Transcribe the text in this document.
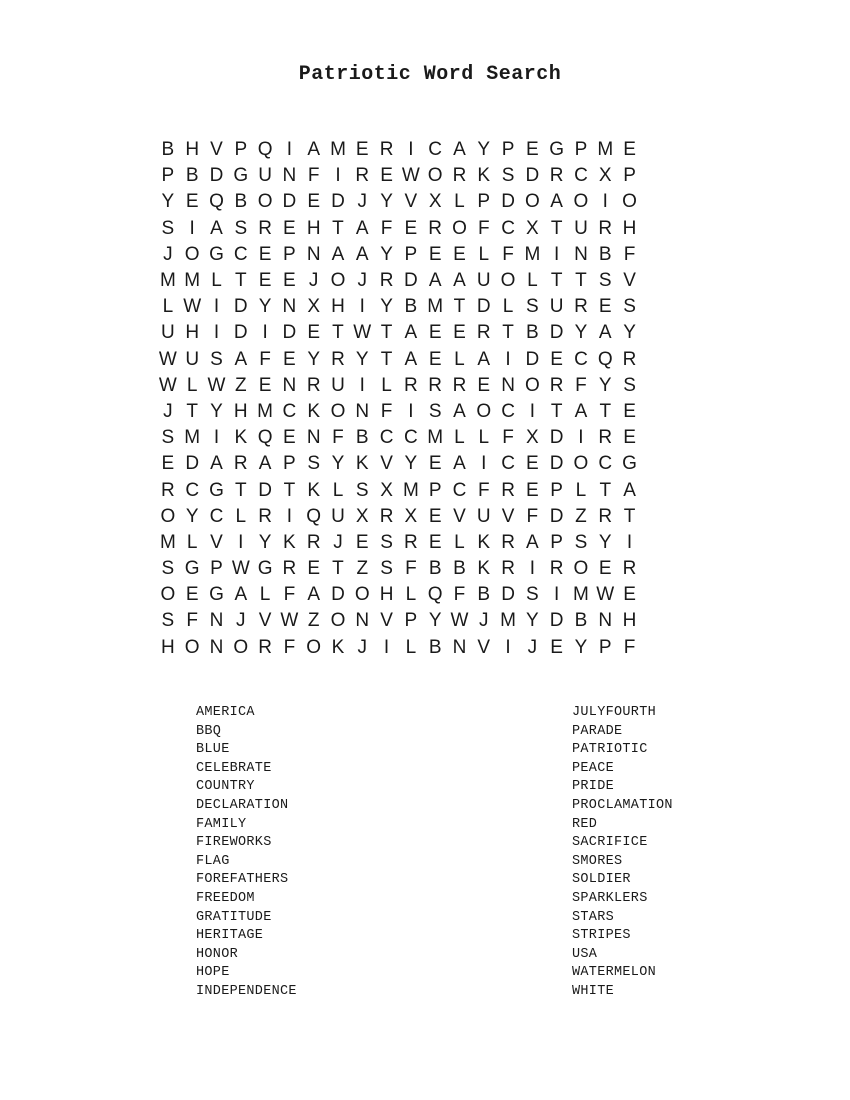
Patriotic Word Search
B H V P Q I A M E R I C A Y P E G P M E
P B D G U N F I R E W O R K S D R C X P
Y E Q B O D E D J Y V X L P D O A O I O
S I A S R E H T A F E R O F C X T U R H
J O G C E P N A A Y P E E L F M I N B F
M M L T E E J O J R D A A U O L T T S V
L W I D Y N X H I Y B M T D L S U R E S
U H I D I D E T W T A E E R T B D Y A Y
W U S A F E Y R Y T A E L A I D E C Q R
W L W Z E N R U I L R R R E N O R F Y S
J T Y H M C K O N F I S A O C I T A T E
S M I K Q E N F B C C M L L F X D I R E
E D A R A P S Y K V Y E A I C E D O C G
R C G T D T K L S X M P C F R E P L T A
O Y C L R I Q U X R X E V U V F D Z R T
M L V I Y K R J E S R E L K R A P S Y I
S G P W G R E T Z S F B B K R I R O E R
O E G A L F A D O H L Q F B D S I M W E
S F N J V W Z O N V P Y W J M Y D B N H
H O N O R F O K J I L B N V I J E Y P F
AMERICA
BBQ
BLUE
CELEBRATE
COUNTRY
DECLARATION
FAMILY
FIREWORKS
FLAG
FOREFATHERS
FREEDOM
GRATITUDE
HERITAGE
HONOR
HOPE
INDEPENDENCE
JULYFOURTH
PARADE
PATRIOTIC
PEACE
PRIDE
PROCLAMATION
RED
SACRIFICE
SMORES
SOLDIER
SPARKLERS
STARS
STRIPES
USA
WATERMELON
WHITE
